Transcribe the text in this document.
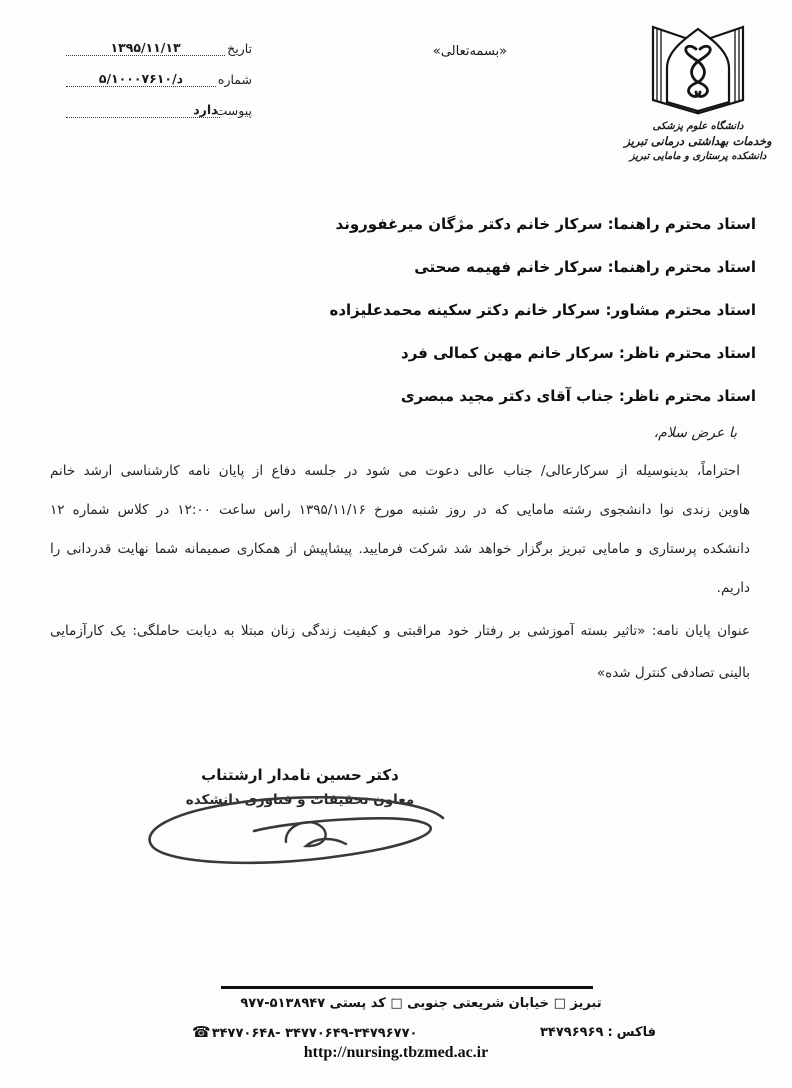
تاریخ
۱۳۹۵/۱۱/۱۳
شماره
۵/د/۱۰۰۰۷۶۱۰
پیوست
دارد
«بسمه‌تعالی»
دانشگاه علوم پزشکی
وخدمات بهداشتی درمانی تبریز
دانشکده پرستاری و مامایی تبریز
استاد محترم راهنما: سرکار خانم دکتر مژگان میرغفوروند
استاد محترم راهنما: سرکار خانم فهیمه صحتی
استاد محترم مشاور: سرکار خانم دکتر سکینه محمدعلیزاده
استاد محترم ناظر: سرکار خانم مهین کمالی فرد
استاد محترم ناظر: جناب آقای دکتر مجید مبصری
با عرض سلام،
احتراماً، بدینوسیله از سرکارعالی/ جناب عالی دعوت می شود در جلسه دفاع از پایان نامه کارشناسی ارشد خانم
هاوین زندی نوا دانشجوی رشته مامایی که در روز شنبه مورخ ۱۳۹۵/۱۱/۱۶ راس ساعت ۱۲:۰۰ در کلاس شماره ۱۲
دانشکده پرستاری و مامایی تبریز برگزار خواهد شد شرکت فرمایید. پیشاپیش از همکاری صمیمانه شما نهایت قدردانی را
داریم.
عنوان پایان نامه: «تاثیر بسته آموزشی بر رفتار خود مراقبتی و کیفیت زندگی زنان مبتلا به دیابت حاملگی: یک کارآزمایی
بالینی تصادفی کنترل شده»
دکتر حسین نامدار ارشتناب
معاون تحقیقات و فناوری دانشکده
تبریز □ خیابان شریعتی جنوبی □ کد پستی ۵۱۳۸۹۴۷-۹۷۷
☎۳۴۷۷۰۶۴۸- ۳۴۷۷۰۶۴۹-۳۴۷۹۶۷۷۰	فاکس:۳۴۷۹۶۹۶۹
http://nursing.tbzmed.ac.ir
